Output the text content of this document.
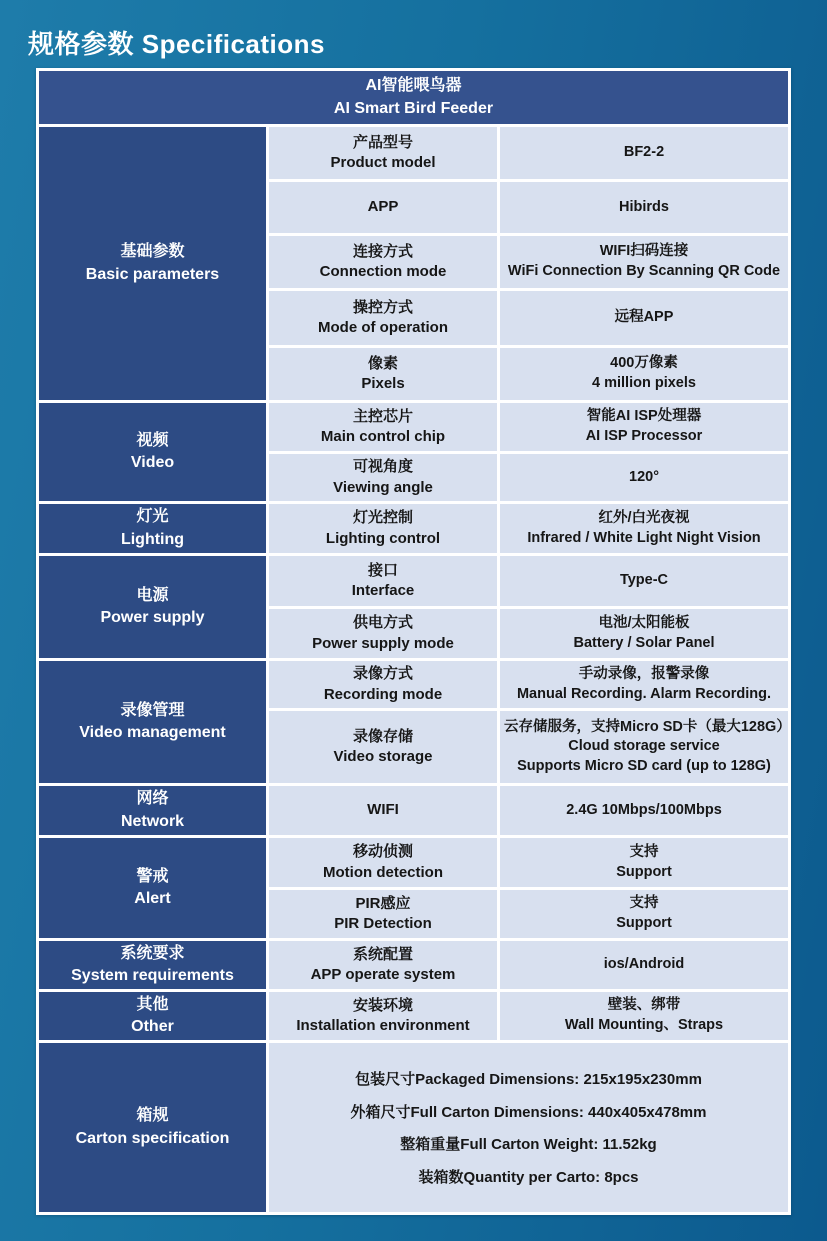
规格参数 Specifications
AI智能喂鸟器
AI Smart Bird Feeder
基础参数
Basic parameters
产品型号
Product model
BF2-2
APP	Hibirds
连接方式
Connection mode
WIFI扫码连接
WiFi Connection By Scanning QR Code
操控方式
Mode of operation
远程APP
像素
Pixels
400万像素
4 million pixels
视频
Video
主控芯片
Main control chip
智能AI ISP处理器
AI ISP Processor
可视角度
Viewing angle
120°
灯光
Lighting
灯光控制
Lighting control
红外/白光夜视
Infrared / White Light Night Vision
电源
Power supply
接口
Interface
Type-C
供电方式
Power supply mode
电池/太阳能板
Battery / Solar Panel
录像管理
Video management
录像方式
Recording mode
手动录像，报警录像
Manual Recording. Alarm Recording.
录像存储
Video storage
云存储服务，支持Micro SD卡（最大128G）
Cloud storage service
Supports Micro SD card (up to 128G)
网络
Network
WIFI	2.4G 10Mbps/100Mbps
警戒
Alert
移动侦测
Motion detection
支持
Support
PIR感应
PIR Detection
支持
Support
系统要求
System requirements
系统配置
APP operate system
ios/Android
其他
Other
安装环境
Installation environment
壁装、绑带
Wall Mounting、Straps
箱规
Carton specification
包装尺寸Packaged Dimensions: 215x195x230mm
外箱尺寸Full Carton Dimensions: 440x405x478mm
整箱重量Full Carton Weight: 11.52kg
装箱数Quantity per Carto: 8pcs
